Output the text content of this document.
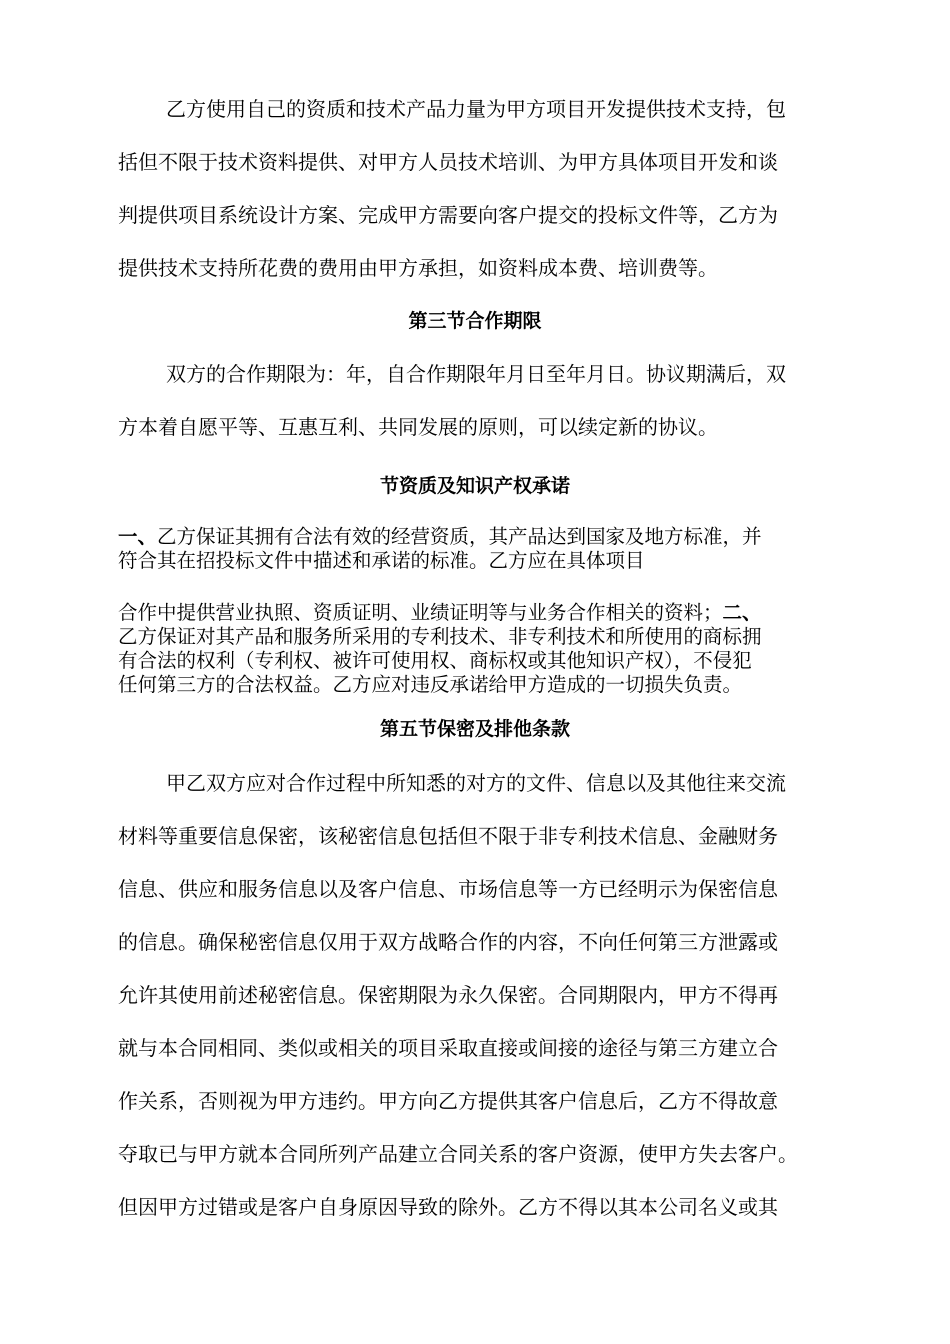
乙方使用自己的资质和技术产品力量为甲方项目开发提供技术支持，包
括但不限于技术资料提供、对甲方人员技术培训、为甲方具体项目开发和谈
判提供项目系统设计方案、完成甲方需要向客户提交的投标文件等，乙方为
提供技术支持所花费的费用由甲方承担，如资料成本费、培训费等。
第三节合作期限
双方的合作期限为：年，自合作期限年月日至年月日。协议期满后，双
方本着自愿平等、互惠互利、共同发展的原则，可以续定新的协议。
节资质及知识产权承诺
一、乙方保证其拥有合法有效的经营资质，其产品达到国家及地方标准，并
符合其在招投标文件中描述和承诺的标准。乙方应在具体项目
合作中提供营业执照、资质证明、业绩证明等与业务合作相关的资料；二、
乙方保证对其产品和服务所采用的专利技术、非专利技术和所使用的商标拥
有合法的权利（专利权、被许可使用权、商标权或其他知识产权），不侵犯
任何第三方的合法权益。乙方应对违反承诺给甲方造成的一切损失负责。
第五节保密及排他条款
甲乙双方应对合作过程中所知悉的对方的文件、信息以及其他往来交流
材料等重要信息保密，该秘密信息包括但不限于非专利技术信息、金融财务
信息、供应和服务信息以及客户信息、市场信息等一方已经明示为保密信息
的信息。确保秘密信息仅用于双方战略合作的内容，不向任何第三方泄露或
允许其使用前述秘密信息。保密期限为永久保密。合同期限内，甲方不得再
就与本合同相同、类似或相关的项目采取直接或间接的途径与第三方建立合
作关系，否则视为甲方违约。甲方向乙方提供其客户信息后，乙方不得故意
夺取已与甲方就本合同所列产品建立合同关系的客户资源，使甲方失去客户。
但因甲方过错或是客户自身原因导致的除外。乙方不得以其本公司名义或其
